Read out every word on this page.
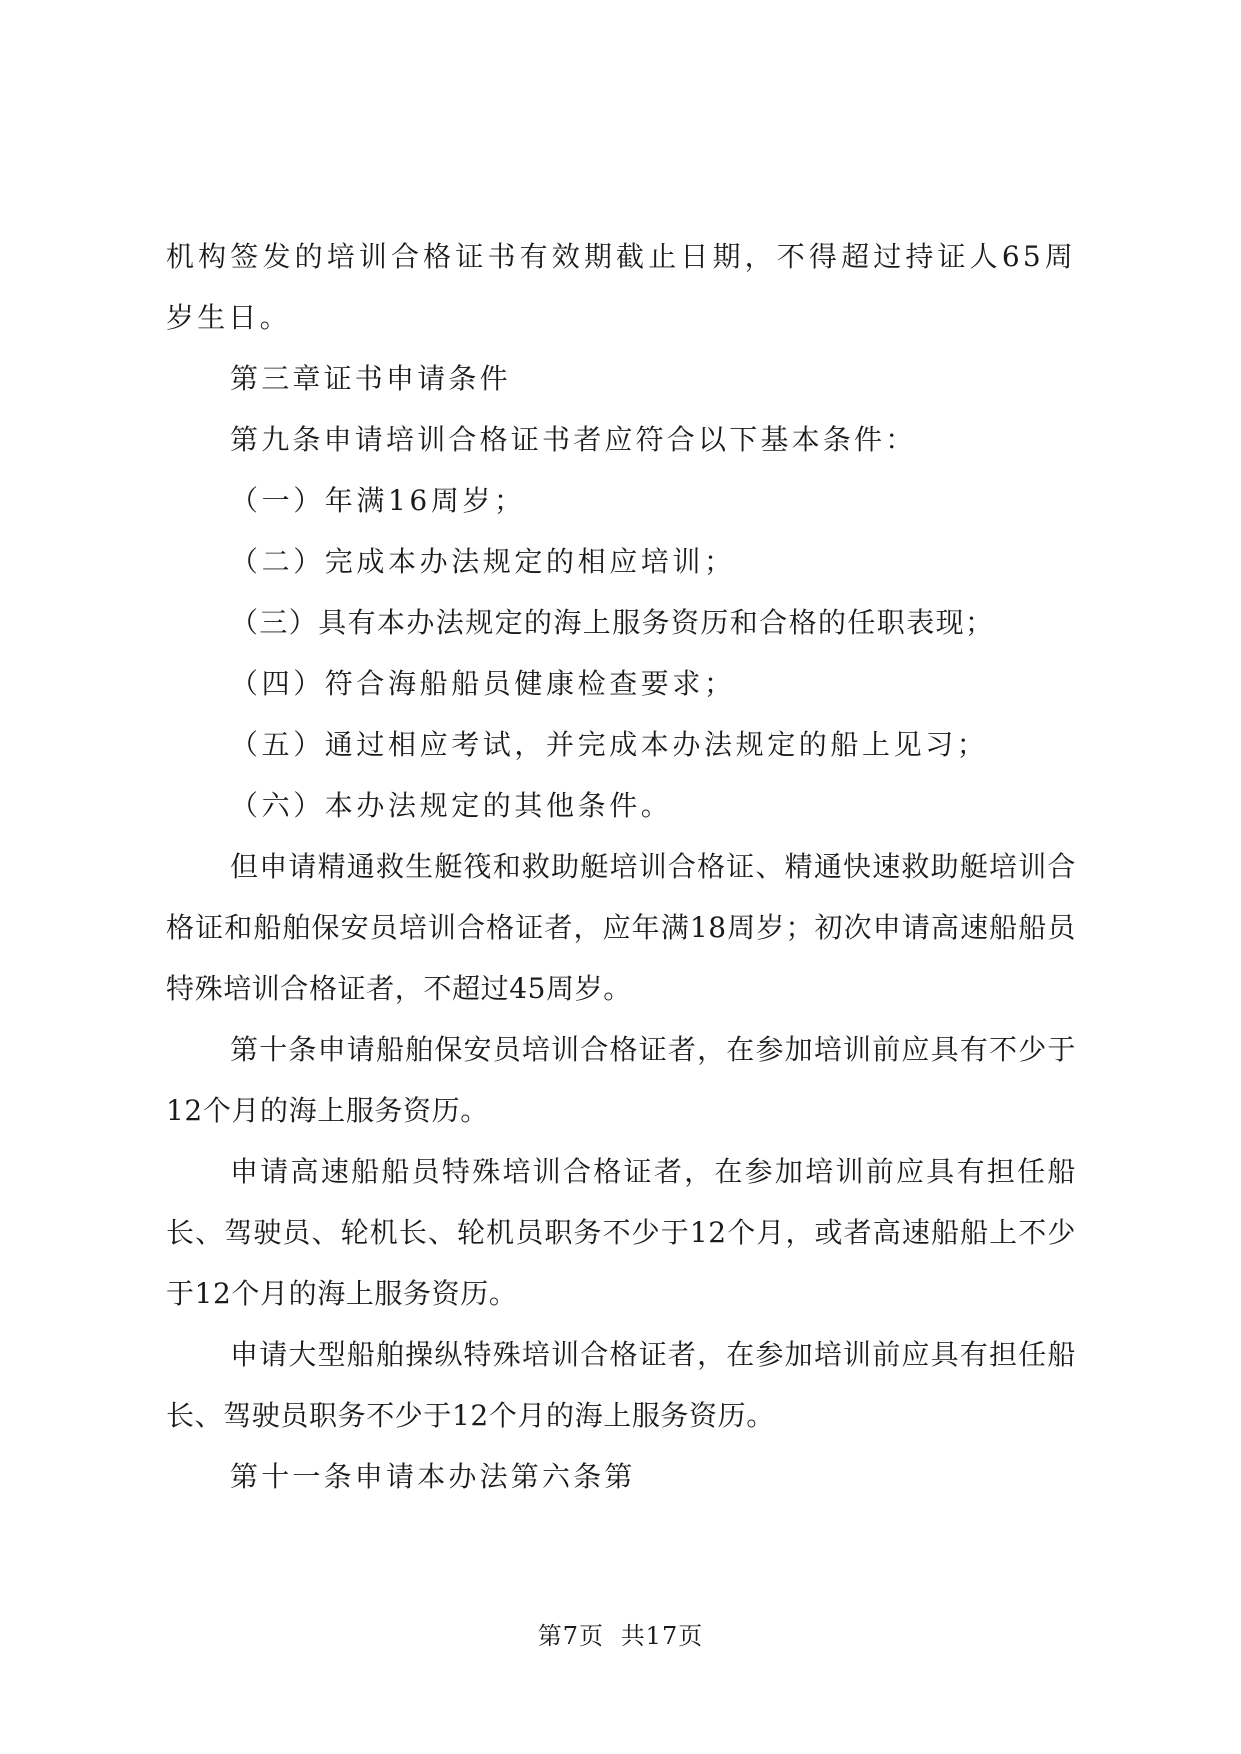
机构签发的培训合格证书有效期截止日期，不得超过持证人65周岁生日。

第三章证书申请条件

第九条申请培训合格证书者应符合以下基本条件：

（一）年满16周岁；

（二）完成本办法规定的相应培训；

（三）具有本办法规定的海上服务资历和合格的任职表现；

（四）符合海船船员健康检查要求；

（五）通过相应考试，并完成本办法规定的船上见习；

（六）本办法规定的其他条件。

但申请精通救生艇筏和救助艇培训合格证、精通快速救助艇培训合格证和船舶保安员培训合格证者，应年满18周岁；初次申请高速船船员特殊培训合格证者，不超过45周岁。

第十条申请船舶保安员培训合格证者，在参加培训前应具有不少于12个月的海上服务资历。

申请高速船船员特殊培训合格证者，在参加培训前应具有担任船长、驾驶员、轮机长、轮机员职务不少于12个月，或者高速船船上不少于12个月的海上服务资历。

申请大型船舶操纵特殊培训合格证者，在参加培训前应具有担任船长、驾驶员职务不少于12个月的海上服务资历。

第十一条申请本办法第六条第

第7页 共17页
